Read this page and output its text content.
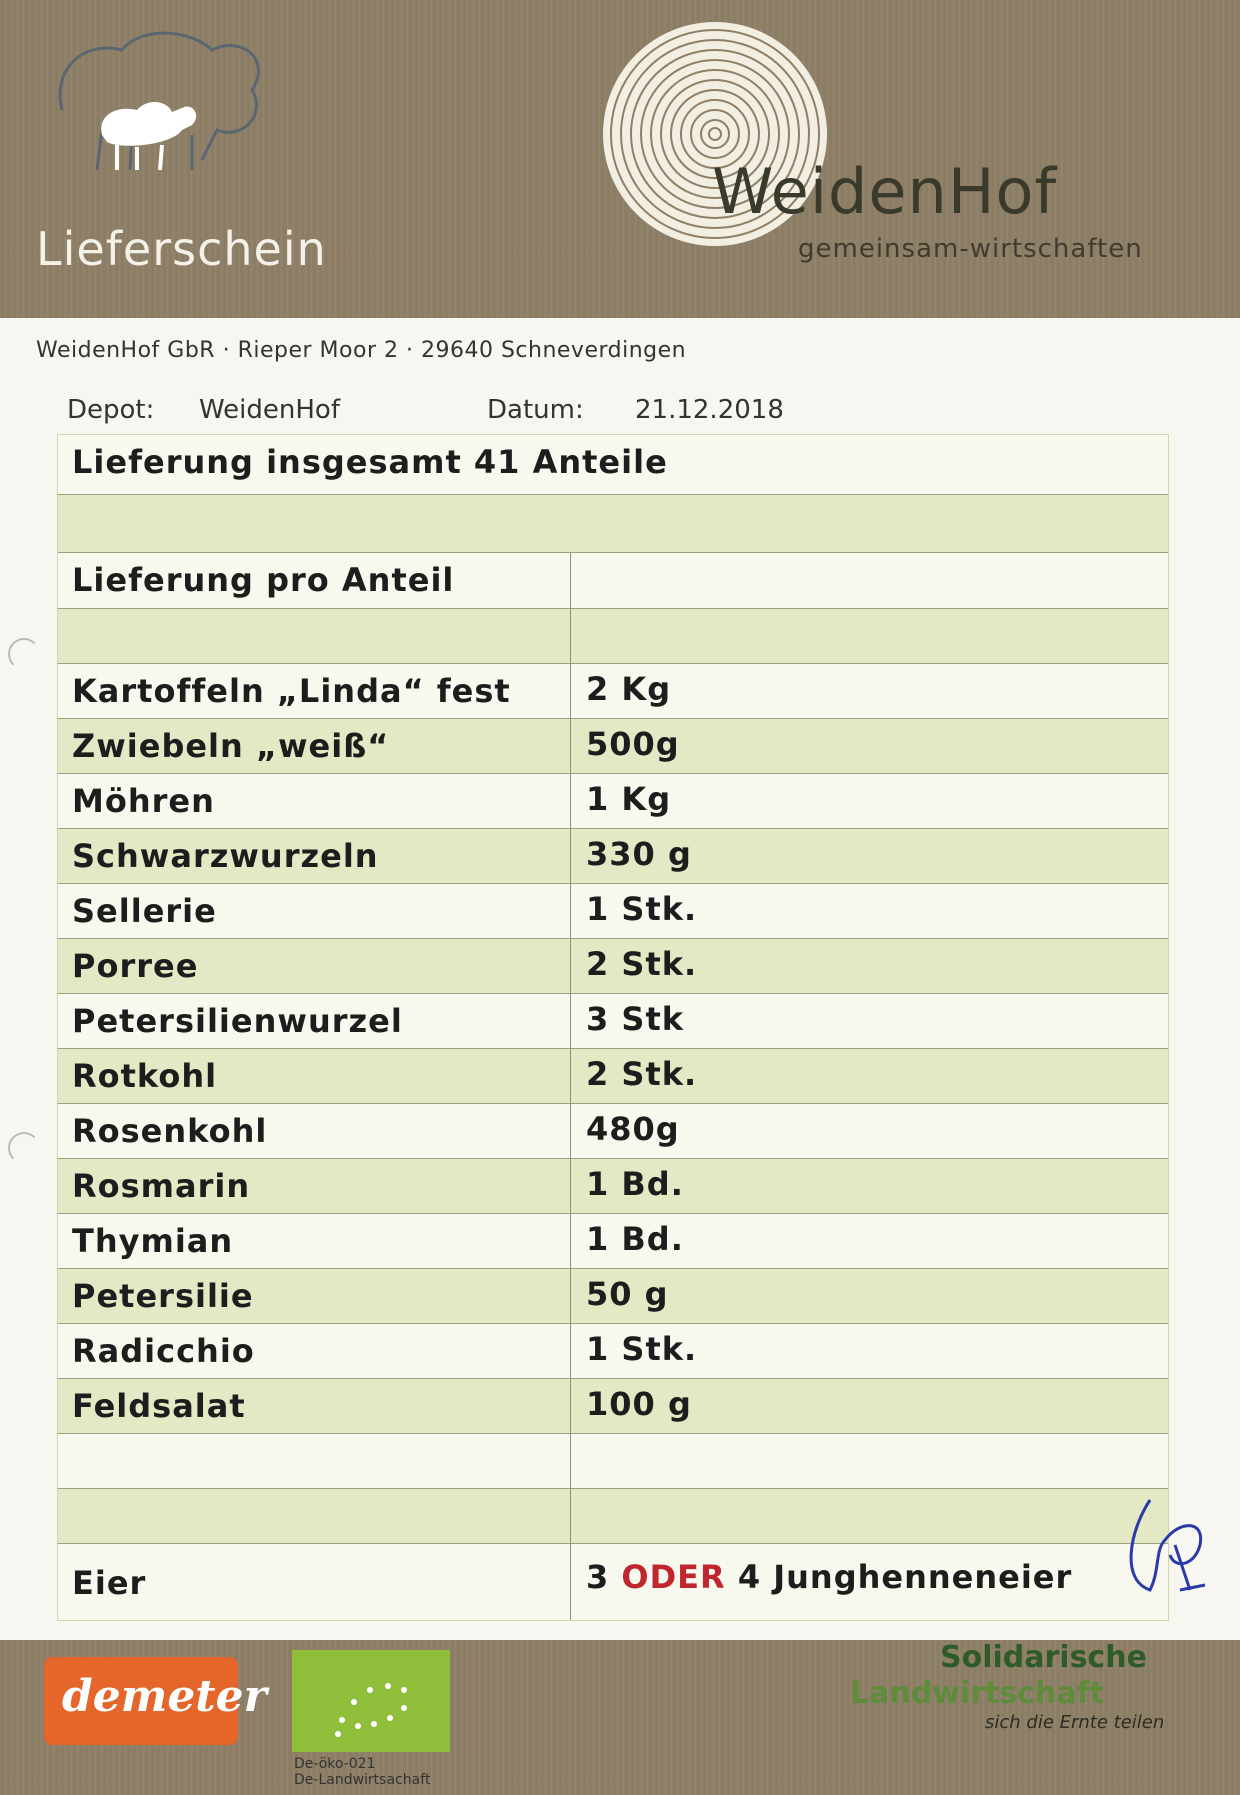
Lieferschein
WeidenHof
gemeinsam-wirtschaften
WeidenHof GbR · Rieper Moor 2 · 29640 Schneverdingen
Depot: WeidenHof	Datum: 21.12.2018
Lieferung insgesamt 41 Anteile
Lieferung pro Anteil
Kartoffeln „Linda“ fest 2 Kg
Zwiebeln „weiß“	500g
Möhren	1 Kg
Schwarzwurzeln	330 g
Sellerie	1 Stk.
Porree	2 Stk.
Petersilienwurzel	3 Stk
Rotkohl	2 Stk.
Rosenkohl	480g
Rosmarin	1 Bd.
Thymian	1 Bd.
Petersilie	50 g
Radicchio	1 Stk.
Feldsalat	100 g
Eier	3 ODER 4 Junghenneneier
demeter
De-öko-021
De-Landwirtsachaft
Solidarische
Landwirtschaft
sich die Ernte teilen
